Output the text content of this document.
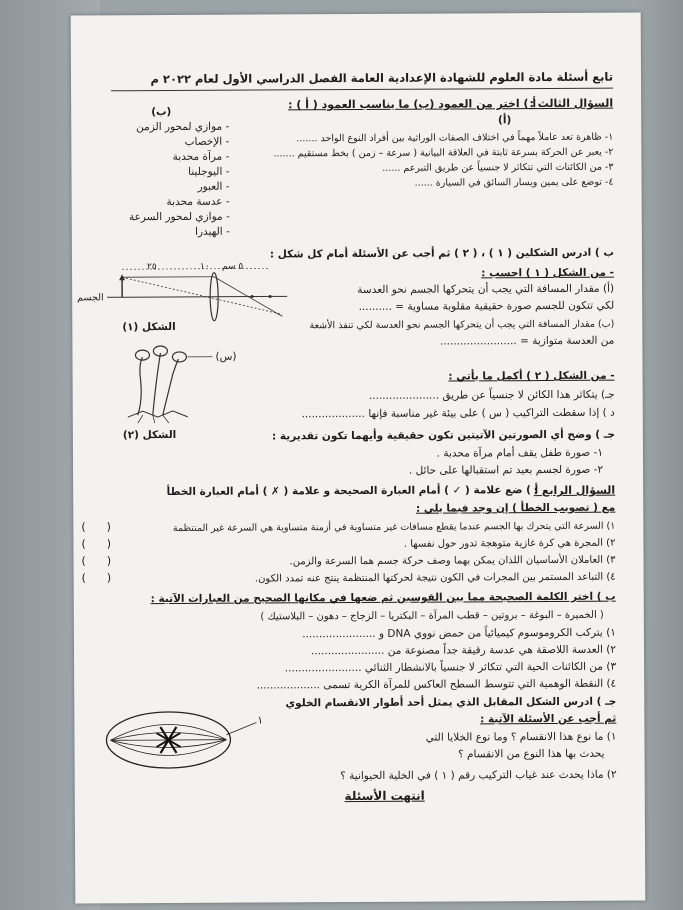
تابع أسئلة مادة العلوم للشهادة الإعدادية العامة الفصل الدراسي الأول لعام ٢٠٢٢ م
السؤال الثالث :
أ ) اختر من العمود (ب) ما يناسب العمود ( أ ) :
(أ)
(ب)
١- ظاهرة تعد عاملاً مهماً في اختلاف الصفات الوراثية بين أفراد النوع الواحد .......
٢- يعبر عن الحركة بسرعة ثابتة في العلاقة البيانية ( سرعة – زمن ) بخط مستقيم .......
٣- من الكائنات التي تتكاثر لا جنسياً عن طريق التبرعم ......
٤- توضع على يمين ويسار السائق في السيارة ......
- موازي لمحور الزمن
- الإخصاب
- مرآة محدبة
- اليوجلينا
- العبور
- عدسة محدبة
- موازي لمحور السرعة
- الهيدرا
ب ) ادرس الشكلين ( ١ ) ، ( ٢ ) ثم أجب عن الأسئلة أمام كل شكل :
الجسم
٢٥	١٠ ٥ سم
الشكل (١)
- من الشكل ( ١ ) احسب :
(أ) مقدار المسافة التي يجب أن يتحركها الجسم نحو العدسة
لكي تتكون للجسم صورة حقيقية مقلوبة مساوية = ..........
(ب) مقدار المسافة التي يجب أن يتحركها الجسم نحو العدسة لكي تنفذ الأشعة
من العدسة متوازية = .......................
(س)
الشكل (٢)
- من الشكل ( ٢ ) أكمل ما يأتي :
جـ) يتكاثر هذا الكائن لا جنسياً عن طريق .....................
د ) إذا سقطت التراكيب ( س ) على بيئة غير مناسبة فإنها ...................
جـ ) وضح أي الصورتين الآتيتين تكون حقيقية وأيهما تكون تقديرية :
١- صورة طفل يقف أمام مرآة محدبة .
٢- صورة لجسم بعيد تم استقبالها على حائل .
السؤال الرابع :
أ ) ضع علامة ( ✓ ) أمام العبارة الصحيحة و علامة ( ✗ ) أمام العبارة الخطأ
مع ( تصويب الخطأ ) إن وجد فيما يلي :
١) السرعة التي يتحرك بها الجسم عندما يقطع مسافات غير متساوية في أزمنة متساوية هي السرعة غير المنتظمة
٢) المجرة هي كرة غازية متوهجة تدور حول نفسها .
٣) العاملان الأساسيان اللذان يمكن بهما وصف حركة جسم هما السرعة والزمن.
٤) التباعد المستمر بين المجرات في الكون نتيجة لحركتها المنتظمة ينتج عنه تمدد الكون.
(      )
(      )
(      )
(      )
ب ) اختر الكلمة الصحيحة مما بين القوسين ثم ضعها في مكانها الصحيح من العبارات الآتية :
( الخميرة – البوغة – بروتين – قطب المرآة – البكتريا – الزجاج – دهون – البلاستيك )
١) يتركب الكروموسوم كيميائياً من حمض نووي DNA و ......................
٢) العدسة اللاصقة هي عدسة رقيقة جداً مصنوعة من ......................
٣) من الكائنات الحية التي تتكاثر لا جنسياً بالانشطار الثنائي .......................
٤) النقطة الوهمية التي تتوسط السطح العاكس للمرآة الكرية تسمى ...................
جـ ) ادرس الشكل المقابل الذي يمثل أحد أطوار الانقسام الخلوي
ثم أجب عن الأسئلة الآتية :
١) ما نوع هذا الانقسام ؟ وما نوع الخلايا التي
يحدث بها هذا النوع من الانقسام ؟
٢) ماذا يحدث عند غياب التركيب رقم ( ١ ) في الخلية الحيوانية ؟
١
انتهت الأسئلة
